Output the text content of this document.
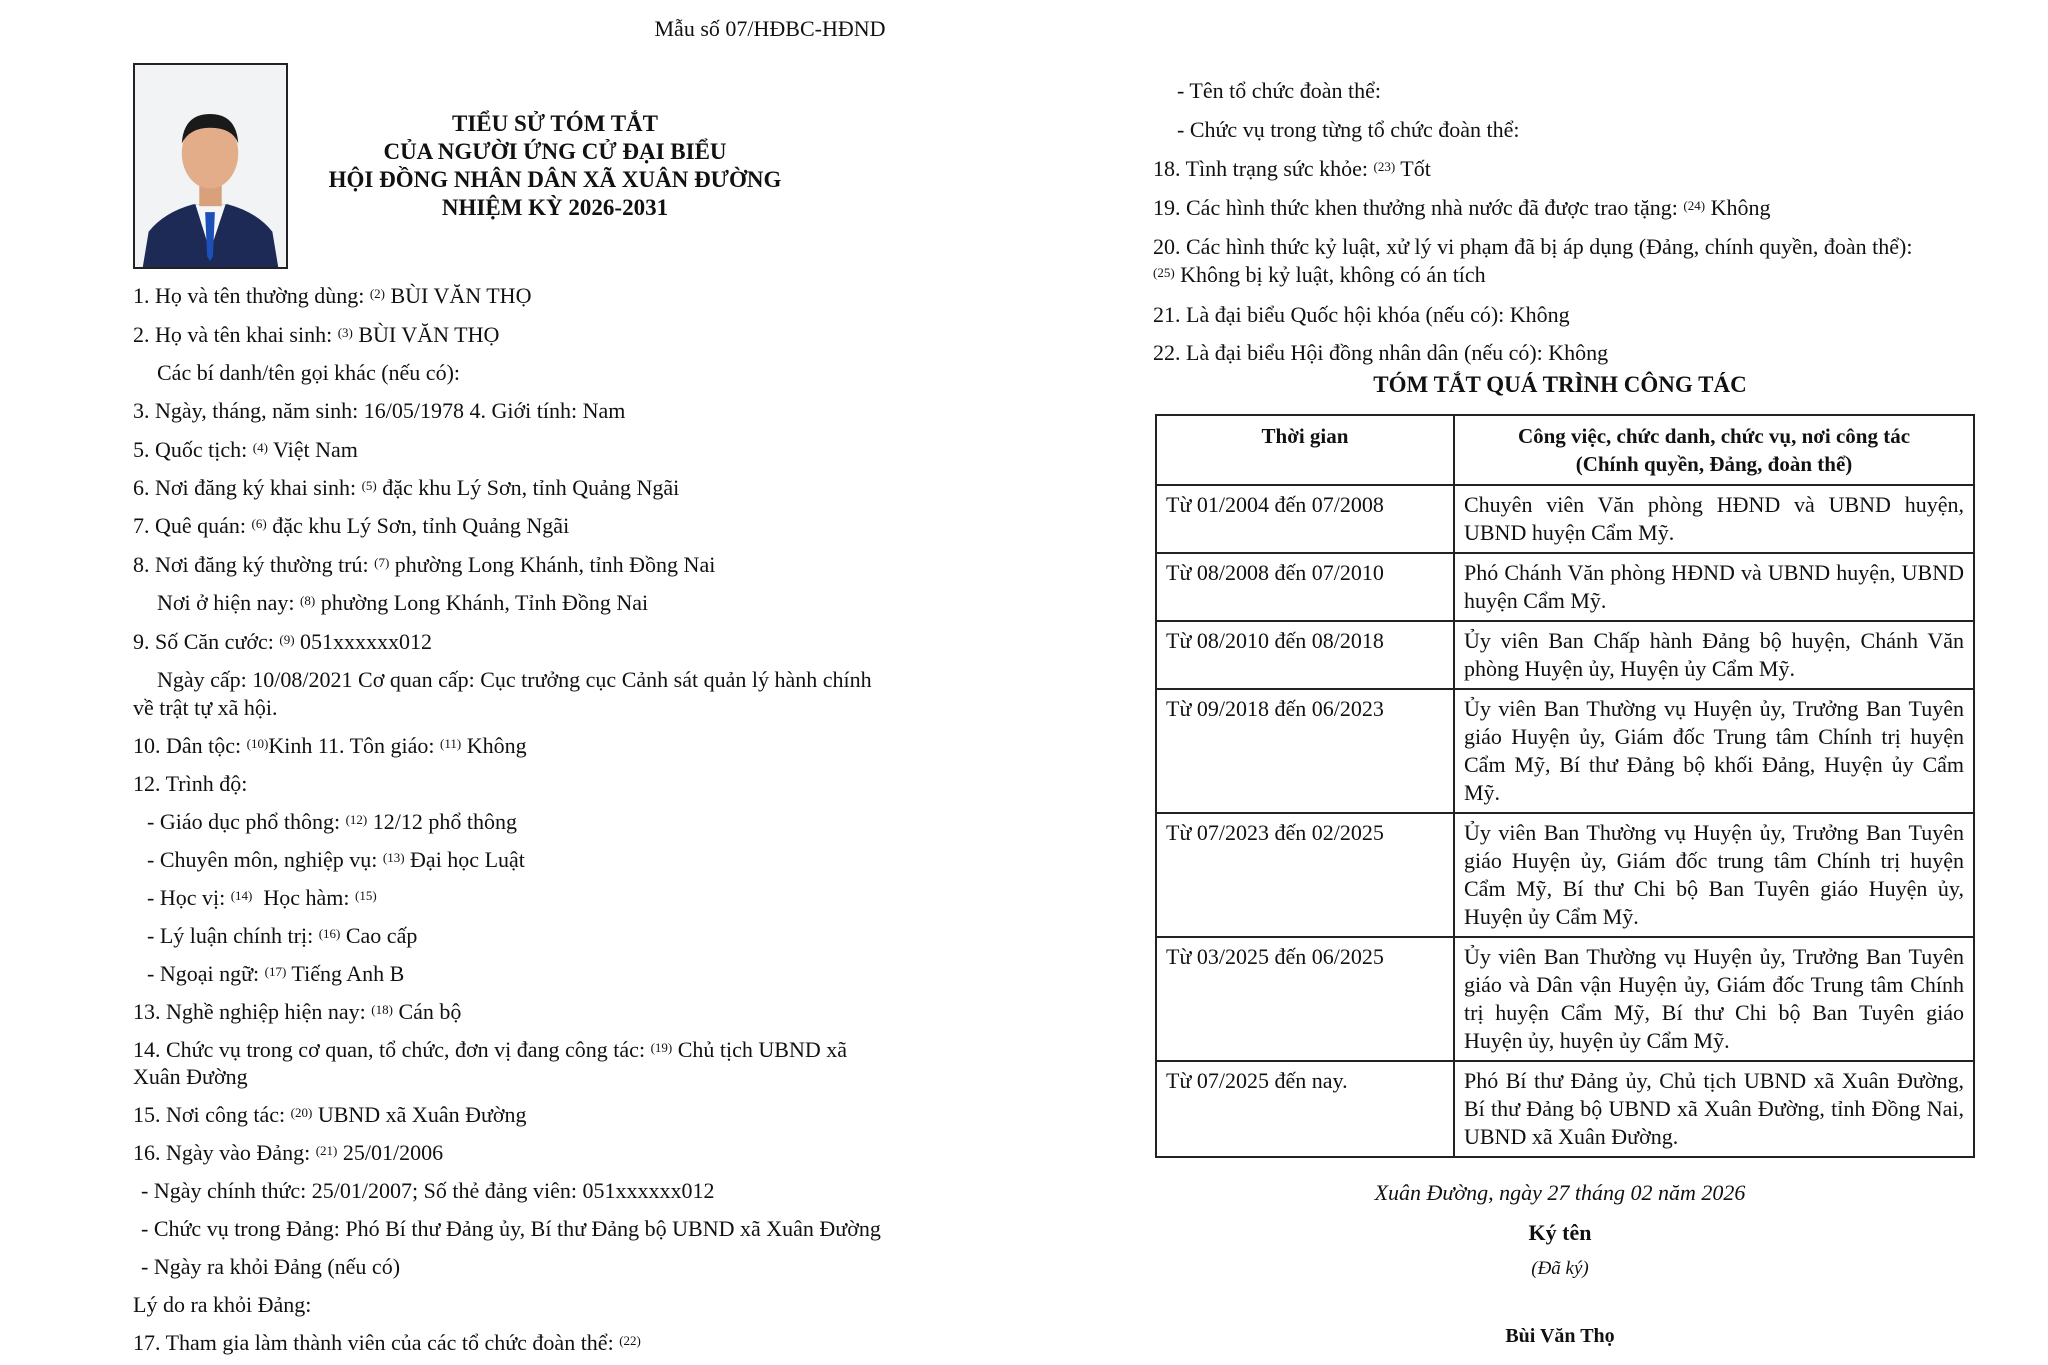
Mẫu số 07/HĐBC-HĐND
TIỂU SỬ TÓM TẮT
CỦA NGƯỜI ỨNG CỬ ĐẠI BIỂU
HỘI ĐỒNG NHÂN DÂN XÃ XUÂN ĐƯỜNG
NHIỆM KỲ 2026-2031
1. Họ và tên thường dùng: $^{(2)}$ BÙI VĂN THỌ
2. Họ và tên khai sinh: $^{(3)}$ BÙI VĂN THỌ
Các bí danh/tên gọi khác (nếu có):
3. Ngày, tháng, năm sinh: 16/05/1978 4. Giới tính: Nam
5. Quốc tịch: $^{(4)}$ Việt Nam
6. Nơi đăng ký khai sinh: $^{(5)}$ đặc khu Lý Sơn, tỉnh Quảng Ngãi
7. Quê quán: $^{(6)}$ đặc khu Lý Sơn, tỉnh Quảng Ngãi
8. Nơi đăng ký thường trú: $^{(7)}$ phường Long Khánh, tỉnh Đồng Nai
Nơi ở hiện nay: $^{(8)}$ phường Long Khánh, Tỉnh Đồng Nai
9. Số Căn cước: $^{(9)}$ 051xxxxxx012
Ngày cấp: 10/08/2021 Cơ quan cấp: Cục trưởng cục Cảnh sát quản lý hành chính
về trật tự xã hội.
10. Dân tộc: $^{(10)}$Kinh 11. Tôn giáo: $^{(11)}$ Không
12. Trình độ:
- Giáo dục phổ thông: $^{(12)}$ 12/12 phổ thông
- Chuyên môn, nghiệp vụ: $^{(13)}$ Đại học Luật
- Học vị: $^{(14)}$ Học hàm: $^{(15)}$
- Lý luận chính trị: $^{(16)}$ Cao cấp
- Ngoại ngữ: $^{(17)}$ Tiếng Anh B
13. Nghề nghiệp hiện nay: $^{(18)}$ Cán bộ
14. Chức vụ trong cơ quan, tổ chức, đơn vị đang công tác: $^{(19)}$ Chủ tịch UBND xã
Xuân Đường
15. Nơi công tác: $^{(20)}$ UBND xã Xuân Đường
16. Ngày vào Đảng: $^{(21)}$ 25/01/2006
- Ngày chính thức: 25/01/2007; Số thẻ đảng viên: 051xxxxxx012
- Chức vụ trong Đảng: Phó Bí thư Đảng ủy, Bí thư Đảng bộ UBND xã Xuân Đường
- Ngày ra khỏi Đảng (nếu có)
Lý do ra khỏi Đảng:
17. Tham gia làm thành viên của các tổ chức đoàn thể: $^{(22)}$
- Tên tổ chức đoàn thể:
- Chức vụ trong từng tổ chức đoàn thể:
18. Tình trạng sức khỏe: $^{(23)}$ Tốt
19. Các hình thức khen thưởng nhà nước đã được trao tặng: $^{(24)}$ Không
20. Các hình thức kỷ luật, xử lý vi phạm đã bị áp dụng (Đảng, chính quyền, đoàn thể):
$^{(25)}$ Không bị kỷ luật, không có án tích
21. Là đại biểu Quốc hội khóa (nếu có): Không
22. Là đại biểu Hội đồng nhân dân (nếu có): Không
TÓM TẮT QUÁ TRÌNH CÔNG TÁC
Thời gian	Công việc, chức danh, chức vụ, nơi công tác
(Chính quyền, Đảng, đoàn thể)

Từ 01/2004 đến 07/2008	Chuyên viên Văn phòng HĐND và UBND huyện, UBND huyện Cẩm Mỹ.
Từ 08/2008 đến 07/2010	Phó Chánh Văn phòng HĐND và UBND huyện, UBND huyện Cẩm Mỹ.
Từ 08/2010 đến 08/2018	Ủy viên Ban Chấp hành Đảng bộ huyện, Chánh Văn phòng Huyện ủy, Huyện ủy Cẩm Mỹ.
Từ 09/2018 đến 06/2023	Ủy viên Ban Thường vụ Huyện ủy, Trưởng Ban Tuyên giáo Huyện ủy, Giám đốc Trung tâm Chính trị huyện Cẩm Mỹ, Bí thư Đảng bộ khối Đảng, Huyện ủy Cẩm Mỹ.
Từ 07/2023 đến 02/2025	Ủy viên Ban Thường vụ Huyện ủy, Trưởng Ban Tuyên giáo Huyện ủy, Giám đốc trung tâm Chính trị huyện Cẩm Mỹ, Bí thư Chi bộ Ban Tuyên giáo Huyện ủy, Huyện ủy Cẩm Mỹ.
Từ 03/2025 đến 06/2025	Ủy viên Ban Thường vụ Huyện ủy, Trưởng Ban Tuyên giáo và Dân vận Huyện ủy, Giám đốc Trung tâm Chính trị huyện Cẩm Mỹ, Bí thư Chi bộ Ban Tuyên giáo Huyện ủy, huyện ủy Cẩm Mỹ.
Từ 07/2025 đến nay.	Phó Bí thư Đảng ủy, Chủ tịch UBND xã Xuân Đường, Bí thư Đảng bộ UBND xã Xuân Đường, tỉnh Đồng Nai, UBND xã Xuân Đường.
Xuân Đường, ngày 27 tháng 02 năm 2026
Ký tên
(Đã ký)
Bùi Văn Thọ
